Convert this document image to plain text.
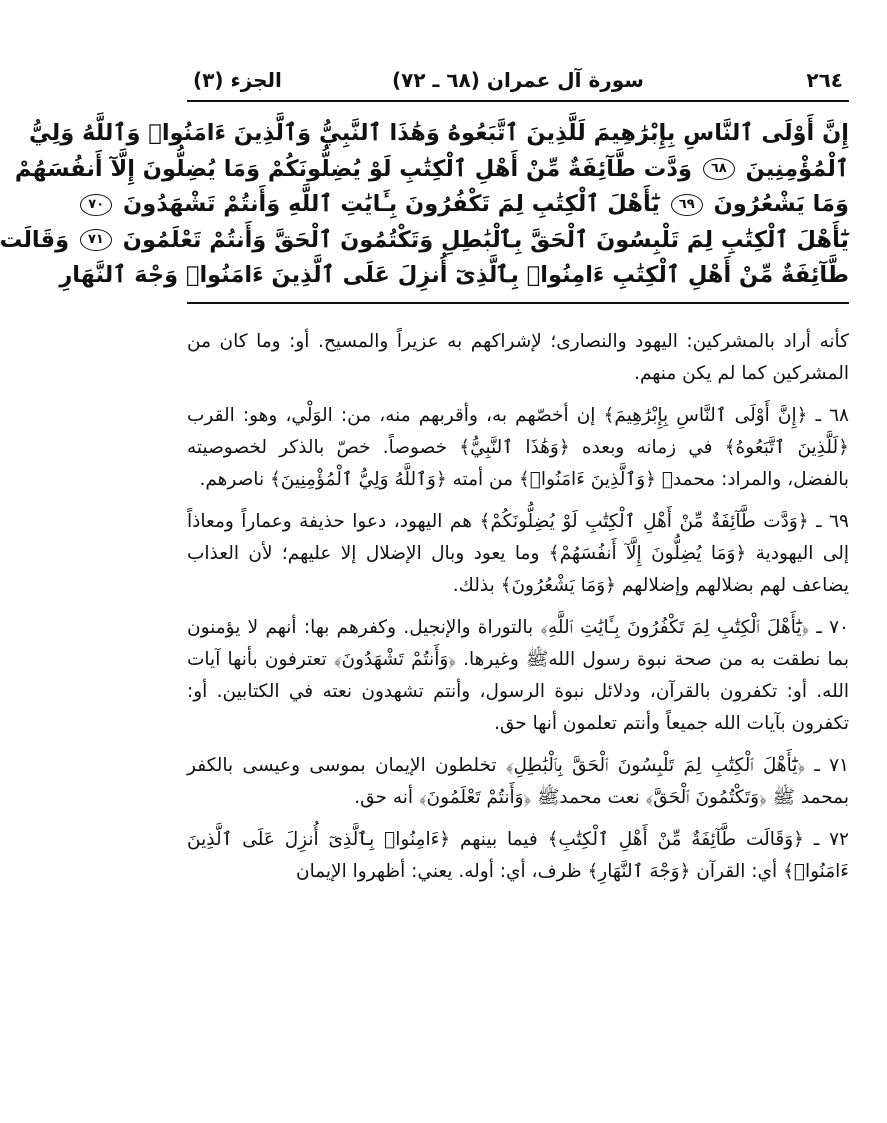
٢٦٤
سورة آل عمران (٦٨ ـ ٧٢)
الجزء (٣)
إِنَّ أَوْلَى ٱلنَّاسِ بِإِبْرَٰهِيمَ لَلَّذِينَ ٱتَّبَعُوهُ وَهَٰذَا ٱلنَّبِيُّ وَٱلَّذِينَ ءَامَنُوا۟ وَٱللَّهُ وَلِيُّ
ٱلْمُؤْمِنِينَ ٦٨ وَدَّت طَّآئِفَةٌ مِّنْ أَهْلِ ٱلْكِتَٰبِ لَوْ يُضِلُّونَكُمْ وَمَا يُضِلُّونَ إِلَّآ أَنفُسَهُمْ
وَمَا يَشْعُرُونَ ٦٩ يَٰٓأَهْلَ ٱلْكِتَٰبِ لِمَ تَكْفُرُونَ بِـَٔايَٰتِ ٱللَّهِ وَأَنتُمْ تَشْهَدُونَ ٧٠
يَٰٓأَهْلَ ٱلْكِتَٰبِ لِمَ تَلْبِسُونَ ٱلْحَقَّ بِٱلْبَٰطِلِ وَتَكْتُمُونَ ٱلْحَقَّ وَأَنتُمْ تَعْلَمُونَ ٧١ وَقَالَت
طَّآئِفَةٌ مِّنْ أَهْلِ ٱلْكِتَٰبِ ءَامِنُوا۟ بِٱلَّذِىٓ أُنزِلَ عَلَى ٱلَّذِينَ ءَامَنُوا۟ وَجْهَ ٱلنَّهَارِ

كأنه أراد بالمشركين: اليهود والنصارى؛ لإشراكهم به عزيراً والمسيح. أو: وما كان من المشركين كما لم يكن منهم.

٦٨ ـ ﴿إِنَّ أَوْلَى ٱلنَّاسِ بِإِبْرَٰهِيمَ﴾ إن أخصّهم به، وأقربهم منه، من: الوَلْي، وهو: القرب ﴿لَلَّذِينَ ٱتَّبَعُوهُ﴾ في زمانه وبعده ﴿وَهَٰذَا ٱلنَّبِيُّ﴾ خصوصاً. خصّ بالذكر لخصوصيته بالفضل، والمراد: محمدﷺ ﴿وَٱلَّذِينَ ءَامَنُوا۟﴾ من أمته ﴿وَٱللَّهُ وَلِيُّ ٱلْمُؤْمِنِينَ﴾ ناصرهم.

٦٩ ـ ﴿وَدَّت طَّآئِفَةٌ مِّنْ أَهْلِ ٱلْكِتَٰبِ لَوْ يُضِلُّونَكُمْ﴾ هم اليهود، دعوا حذيفة وعماراً ومعاذاً إلى اليهودية ﴿وَمَا يُضِلُّونَ إِلَّآ أَنفُسَهُمْ﴾ وما يعود وبال الإضلال إلا عليهم؛ لأن العذاب يضاعف لهم بضلالهم وإضلالهم ﴿وَمَا يَشْعُرُونَ﴾ بذلك.

٧٠ ـ ﴿يَٰٓأَهْلَ ٱلْكِتَٰبِ لِمَ تَكْفُرُونَ بِـَٔايَٰتِ ٱللَّهِ﴾ بالتوراة والإنجيل. وكفرهم بها: أنهم لا يؤمنون بما نطقت به من صحة نبوة رسول اللهﷺ وغيرها. ﴿وَأَنتُمْ تَشْهَدُونَ﴾ تعترفون بأنها آيات الله. أو: تكفرون بالقرآن، ودلائل نبوة الرسول، وأنتم تشهدون نعته في الكتابين. أو: تكفرون بآيات الله جميعاً وأنتم تعلمون أنها حق.

٧١ ـ ﴿يَٰٓأَهْلَ ٱلْكِتَٰبِ لِمَ تَلْبِسُونَ ٱلْحَقَّ بِٱلْبَٰطِلِ﴾ تخلطون الإيمان بموسى وعيسى بالكفر بمحمد ﷺ ﴿وَتَكْتُمُونَ ٱلْحَقَّ﴾ نعت محمدﷺ ﴿وَأَنتُمْ تَعْلَمُونَ﴾ أنه حق.

٧٢ ـ ﴿وَقَالَت طَّآئِفَةٌ مِّنْ أَهْلِ ٱلْكِتَٰبِ﴾ فيما بينهم ﴿ءَامِنُوا۟ بِٱلَّذِىٓ أُنزِلَ عَلَى ٱلَّذِينَ ءَامَنُوا۟﴾ أي: القرآن ﴿وَجْهَ ٱلنَّهَارِ﴾ ظرف، أي: أوله. يعني: أظهروا الإيمان
